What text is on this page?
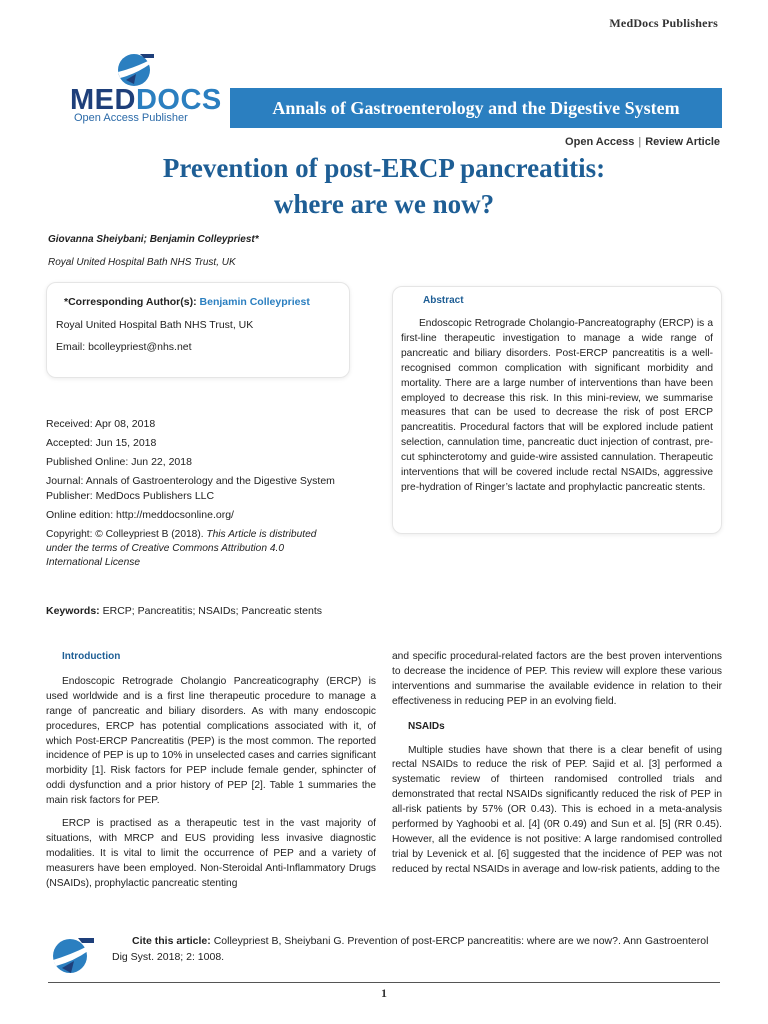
MedDocs Publishers
MEDDOCS
Open Access Publisher
Annals of Gastroenterology and the Digestive System
Open Access | Review Article
Prevention of post-ERCP pancreatitis:
where are we now?
Giovanna Sheiybani; Benjamin Colleypriest*
Royal United Hospital Bath NHS Trust, UK
*Corresponding Author(s): Benjamin Colleypriest
Royal United Hospital Bath NHS Trust, UK
Email: bcolleypriest@nhs.net
Abstract
Endoscopic Retrograde Cholangio-Pancreatography (ERCP) is a first-line therapeutic investigation to manage a wide range of pancreatic and biliary disorders. Post-ERCP pancreatitis is a well-recognised common complication with significant morbidity and mortality. There are a large number of interventions than have been employed to decrease this risk. In this mini-review, we summarise measures that can be used to decrease the risk of post ERCP pancreatitis. Procedural factors that will be explored include patient selection, cannulation time, pancreatic duct injection of contrast, pre-cut sphincterotomy and guide-wire assisted cannulation. Therapeutic interventions that will be covered include rectal NSAIDs, aggressive pre-hydration of Ringer’s lactate and prophylactic pancreatic stents.
Received: Apr 08, 2018
Accepted: Jun 15, 2018
Published Online: Jun 22, 2018
Journal: Annals of Gastroenterology and the Digestive System
Publisher: MedDocs Publishers LLC
Online edition: http://meddocsonline.org/
Copyright: © Colleypriest B (2018). This Article is distributed under the terms of Creative Commons Attribution 4.0 International License
Keywords: ERCP; Pancreatitis; NSAIDs; Pancreatic stents
Introduction

Endoscopic Retrograde Cholangio Pancreaticography (ERCP) is used worldwide and is a first line therapeutic procedure to manage a range of pancreatic and biliary disorders. As with many endoscopic procedures, ERCP has potential complications associated with it, of which Post-ERCP Pancreatitis (PEP) is the most common. The reported incidence of PEP is up to 10% in unselected cases and carries significant morbidity [1]. Risk factors for PEP include female gender, sphincter of oddi dysfunction and a prior history of PEP [2]. Table 1 summaries the main risk factors for PEP.

ERCP is practised as a therapeutic test in the vast majority of situations, with MRCP and EUS providing less invasive diagnostic modalities. It is vital to limit the occurrence of PEP and a variety of measurers have been employed. Non-Steroidal Anti-Inflammatory Drugs (NSAIDs), prophylactic pancreatic stenting

and specific procedural-related factors are the best proven interventions to decrease the incidence of PEP. This review will explore these various interventions and summarise the available evidence in relation to their effectiveness in reducing PEP in an evolving field.

NSAIDs

Multiple studies have shown that there is a clear benefit of using rectal NSAIDs to reduce the risk of PEP. Sajid et al. [3] performed a systematic review of thirteen randomised controlled trials and demonstrated that rectal NSAIDs significantly reduced the risk of PEP in all-risk patients by 57% (OR 0.43). This is echoed in a meta-analysis performed by Yaghoobi et al. [4] (0R 0.49) and Sun et al. [5] (RR 0.45). However, all the evidence is not positive: A large randomised controlled trial by Levenick et al. [6] suggested that the incidence of PEP was not reduced by rectal NSAIDs in average and low-risk patients, adding to the

Cite this article: Colleypriest B, Sheiybani G. Prevention of post-ERCP pancreatitis: where are we now?. Ann Gastroenterol Dig Syst. 2018; 2: 1008.
1
